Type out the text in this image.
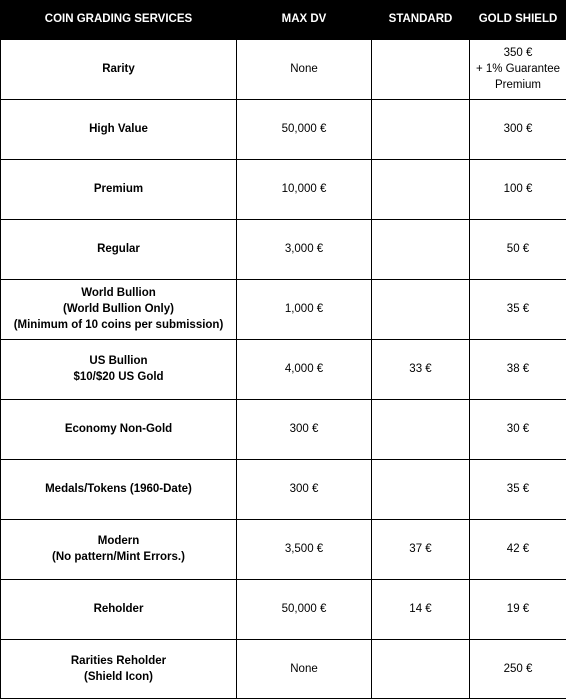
COIN GRADING SERVICES	MAX DV	STANDARD	GOLD SHIELD

Rarity	None		350 €
+ 1% Guarantee
Premium

High Value	50,000 €		300 €

Premium	10,000 €		100 €

Regular	3,000 €		50 €

World Bullion
(World Bullion Only)
(Minimum of 10 coins per submission)	1,000 €		35 €

US Bullion
$10/$20 US Gold	4,000 €	33 €	38 €

Economy Non-Gold	300 €		30 €

Medals/Tokens (1960-Date)	300 €		35 €

Modern
(No pattern/Mint Errors.)	3,500 €	37 €	42 €

Reholder	50,000 €	14 €	19 €

Rarities Reholder
(Shield Icon)	None		250 €
